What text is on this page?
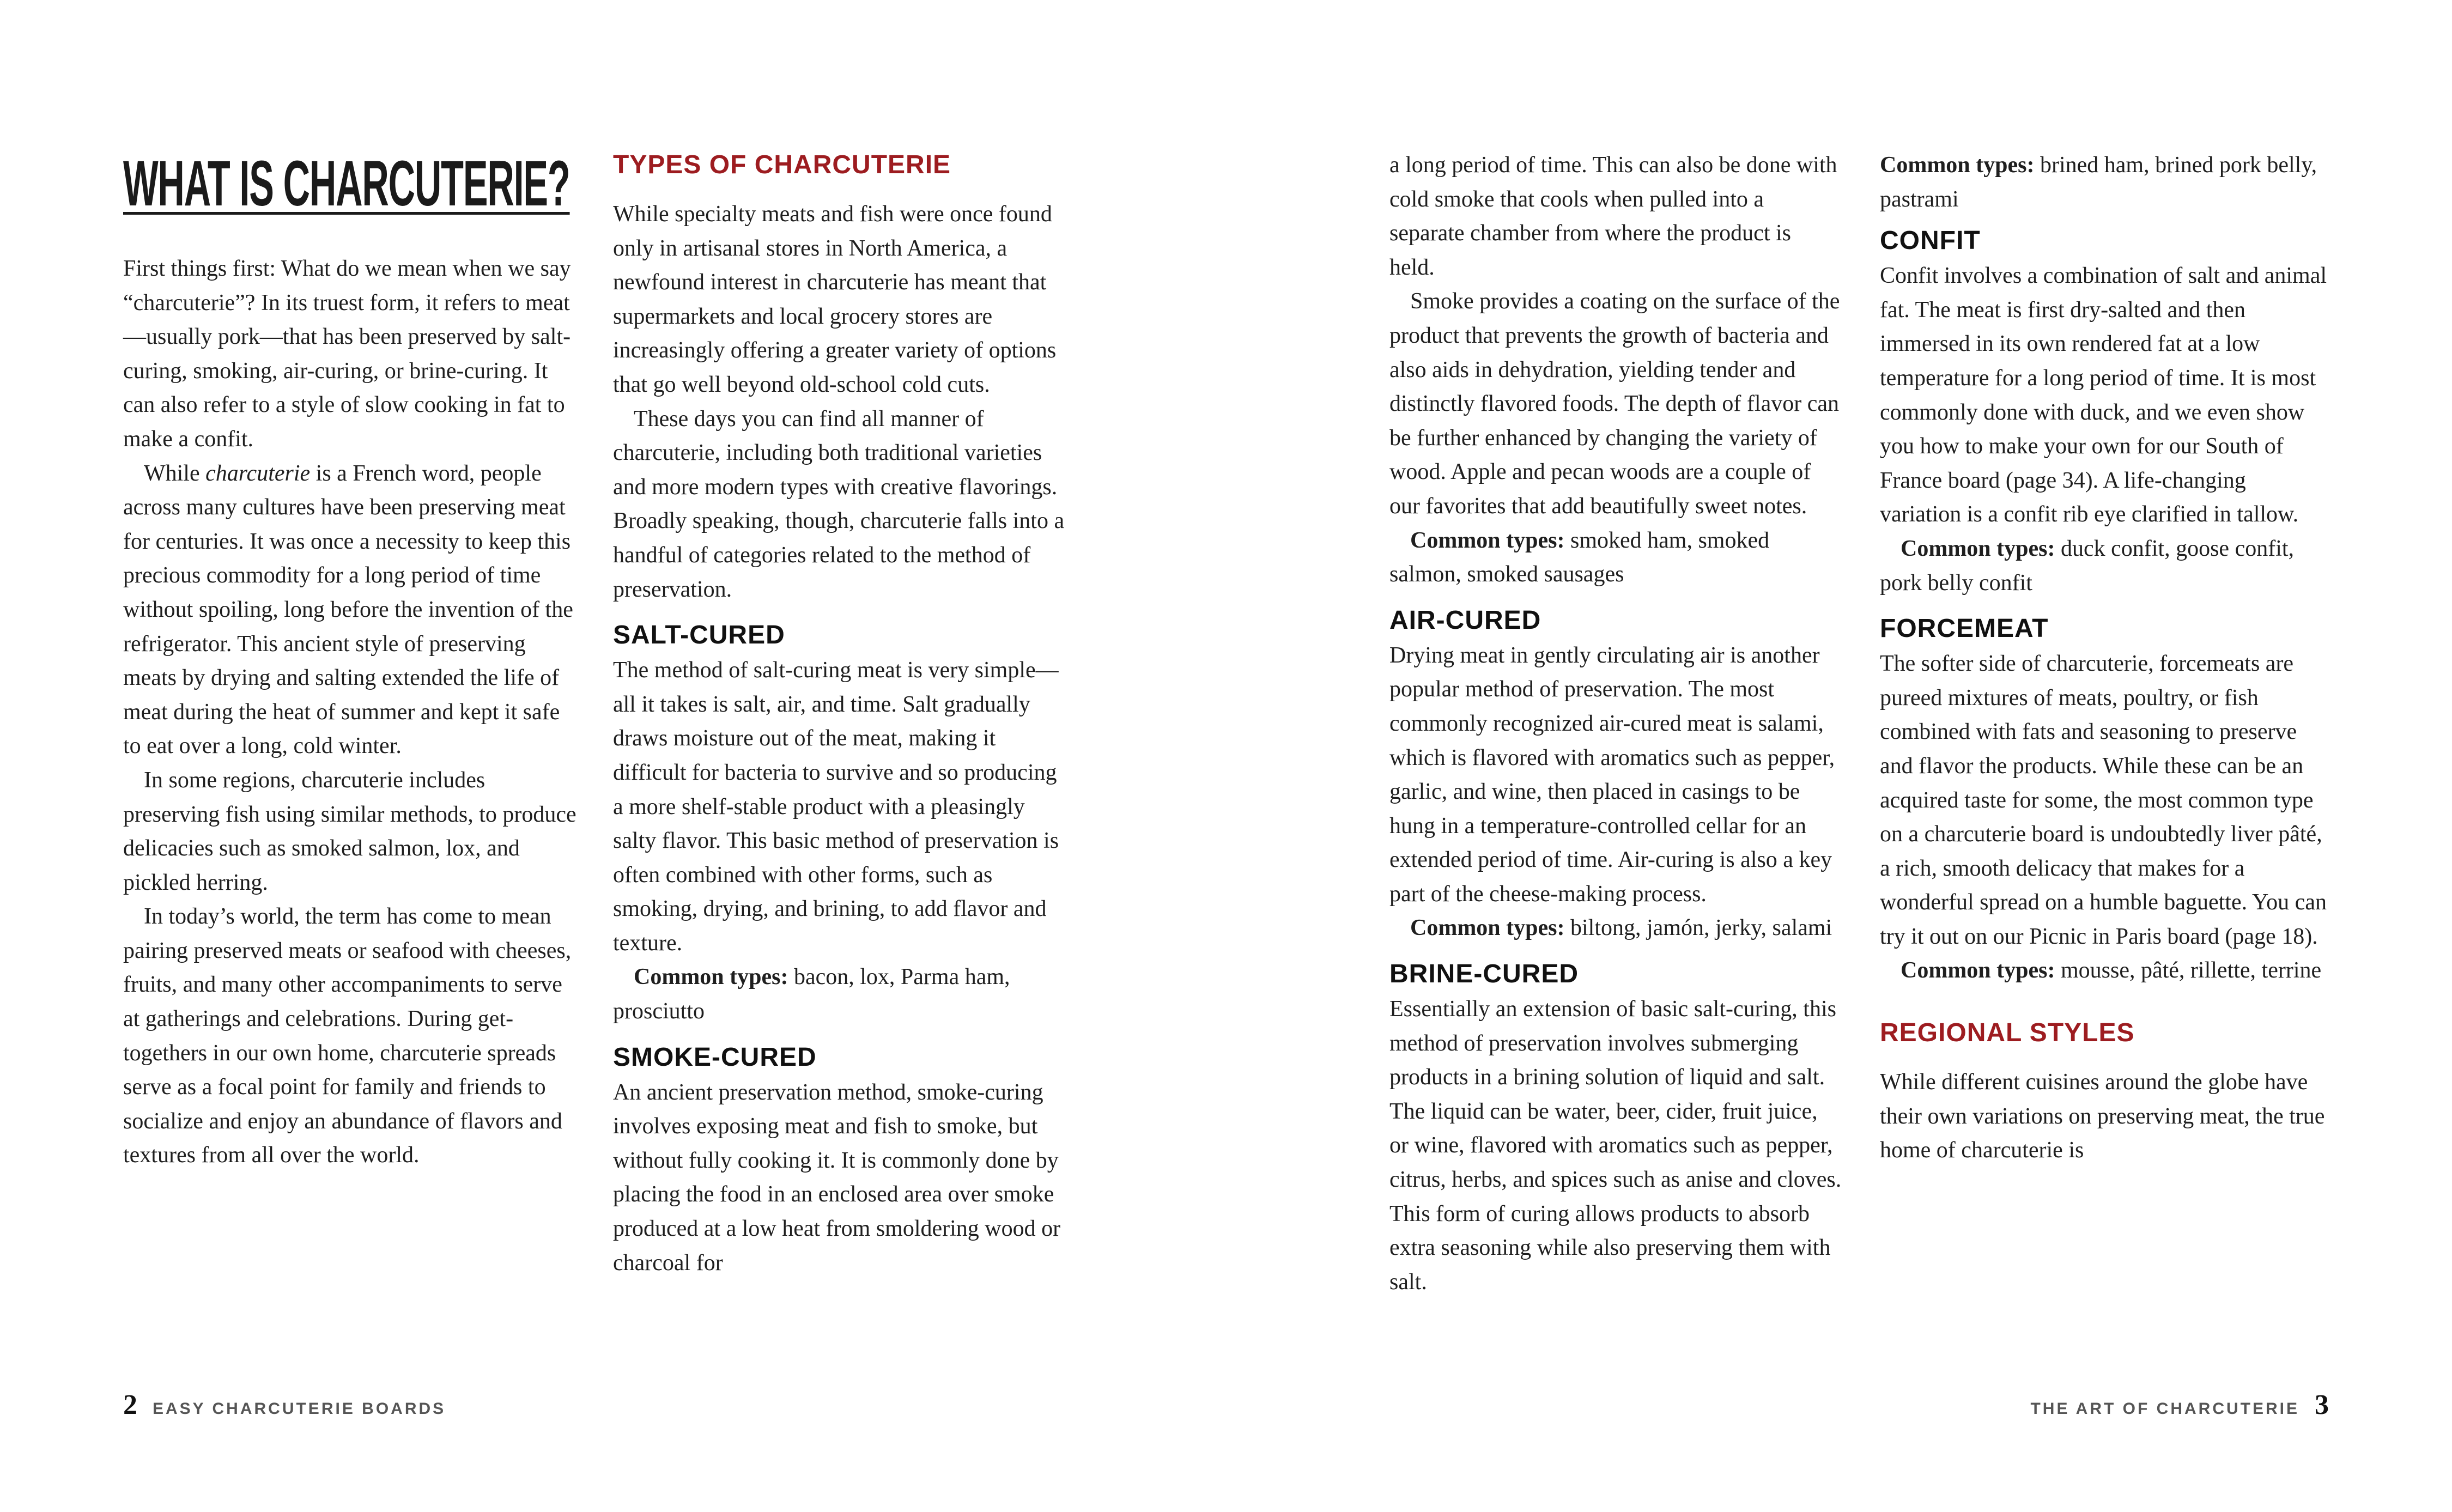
WHAT IS CHARCUTERIE?

First things first: What do we mean when we say “charcuterie”? In its truest form, it refers to meat—usually pork—that has been preserved by salt-curing, smoking, air-curing, or brine-curing. It can also refer to a style of slow cooking in fat to make a confit.

While charcuterie is a French word, people across many cultures have been preserving meat for centuries. It was once a necessity to keep this precious commodity for a long period of time without spoiling, long before the invention of the refrigerator. This ancient style of preserving meats by drying and salting extended the life of meat during the heat of summer and kept it safe to eat over a long, cold winter.

In some regions, charcuterie includes preserving fish using similar methods, to produce delicacies such as smoked salmon, lox, and pickled herring.

In today’s world, the term has come to mean pairing preserved meats or seafood with cheeses, fruits, and many other accompaniments to serve at gatherings and celebrations. During get-togethers in our own home, charcuterie spreads serve as a focal point for family and friends to socialize and enjoy an abundance of flavors and textures from all over the world.

TYPES OF CHARCUTERIE

While specialty meats and fish were once found only in artisanal stores in North America, a newfound interest in charcuterie has meant that supermarkets and local grocery stores are increasingly offering a greater variety of options that go well beyond old-school cold cuts.

These days you can find all manner of charcuterie, including both traditional varieties and more modern types with creative flavorings. Broadly speaking, though, charcuterie falls into a handful of categories related to the method of preservation.

SALT-CURED

The method of salt-curing meat is very simple—all it takes is salt, air, and time. Salt gradually draws moisture out of the meat, making it difficult for bacteria to survive and so producing a more shelf-stable product with a pleasingly salty flavor. This basic method of preservation is often combined with other forms, such as smoking, drying, and brining, to add flavor and texture.

Common types: bacon, lox, Parma ham, prosciutto

SMOKE-CURED

An ancient preservation method, smoke-curing involves exposing meat and fish to smoke, but without fully cooking it. It is commonly done by placing the food in an enclosed area over smoke produced at a low heat from smoldering wood or charcoal for

a long period of time. This can also be done with cold smoke that cools when pulled into a separate chamber from where the product is held.

Smoke provides a coating on the surface of the product that prevents the growth of bacteria and also aids in dehydration, yielding tender and distinctly flavored foods. The depth of flavor can be further enhanced by changing the variety of wood. Apple and pecan woods are a couple of our favorites that add beautifully sweet notes.

Common types: smoked ham, smoked salmon, smoked sausages

AIR-CURED

Drying meat in gently circulating air is another popular method of preservation. The most commonly recognized air-cured meat is salami, which is flavored with aromatics such as pepper, garlic, and wine, then placed in casings to be hung in a temperature-controlled cellar for an extended period of time. Air-curing is also a key part of the cheese-making process.

Common types: biltong, jamón, jerky, salami

BRINE-CURED

Essentially an extension of basic salt-curing, this method of preservation involves submerging products in a brining solution of liquid and salt. The liquid can be water, beer, cider, fruit juice, or wine, flavored with aromatics such as pepper, citrus, herbs, and spices such as anise and cloves. This form of curing allows products to absorb extra seasoning while also preserving them with salt.

Common types: brined ham, brined pork belly, pastrami

CONFIT

Confit involves a combination of salt and animal fat. The meat is first dry-salted and then immersed in its own rendered fat at a low temperature for a long period of time. It is most commonly done with duck, and we even show you how to make your own for our South of France board (page 34). A life-changing variation is a confit rib eye clarified in tallow.

Common types: duck confit, goose confit, pork belly confit

FORCEMEAT

The softer side of charcuterie, forcemeats are pureed mixtures of meats, poultry, or fish combined with fats and seasoning to preserve and flavor the products. While these can be an acquired taste for some, the most common type on a charcuterie board is undoubtedly liver pâté, a rich, smooth delicacy that makes for a wonderful spread on a humble baguette. You can try it out on our Picnic in Paris board (page 18).

Common types: mousse, pâté, rillette, terrine

REGIONAL STYLES

While different cuisines around the globe have their own variations on preserving meat, the true home of charcuterie is

2 EASY CHARCUTERIE BOARDS	THE ART OF CHARCUTERIE 3
